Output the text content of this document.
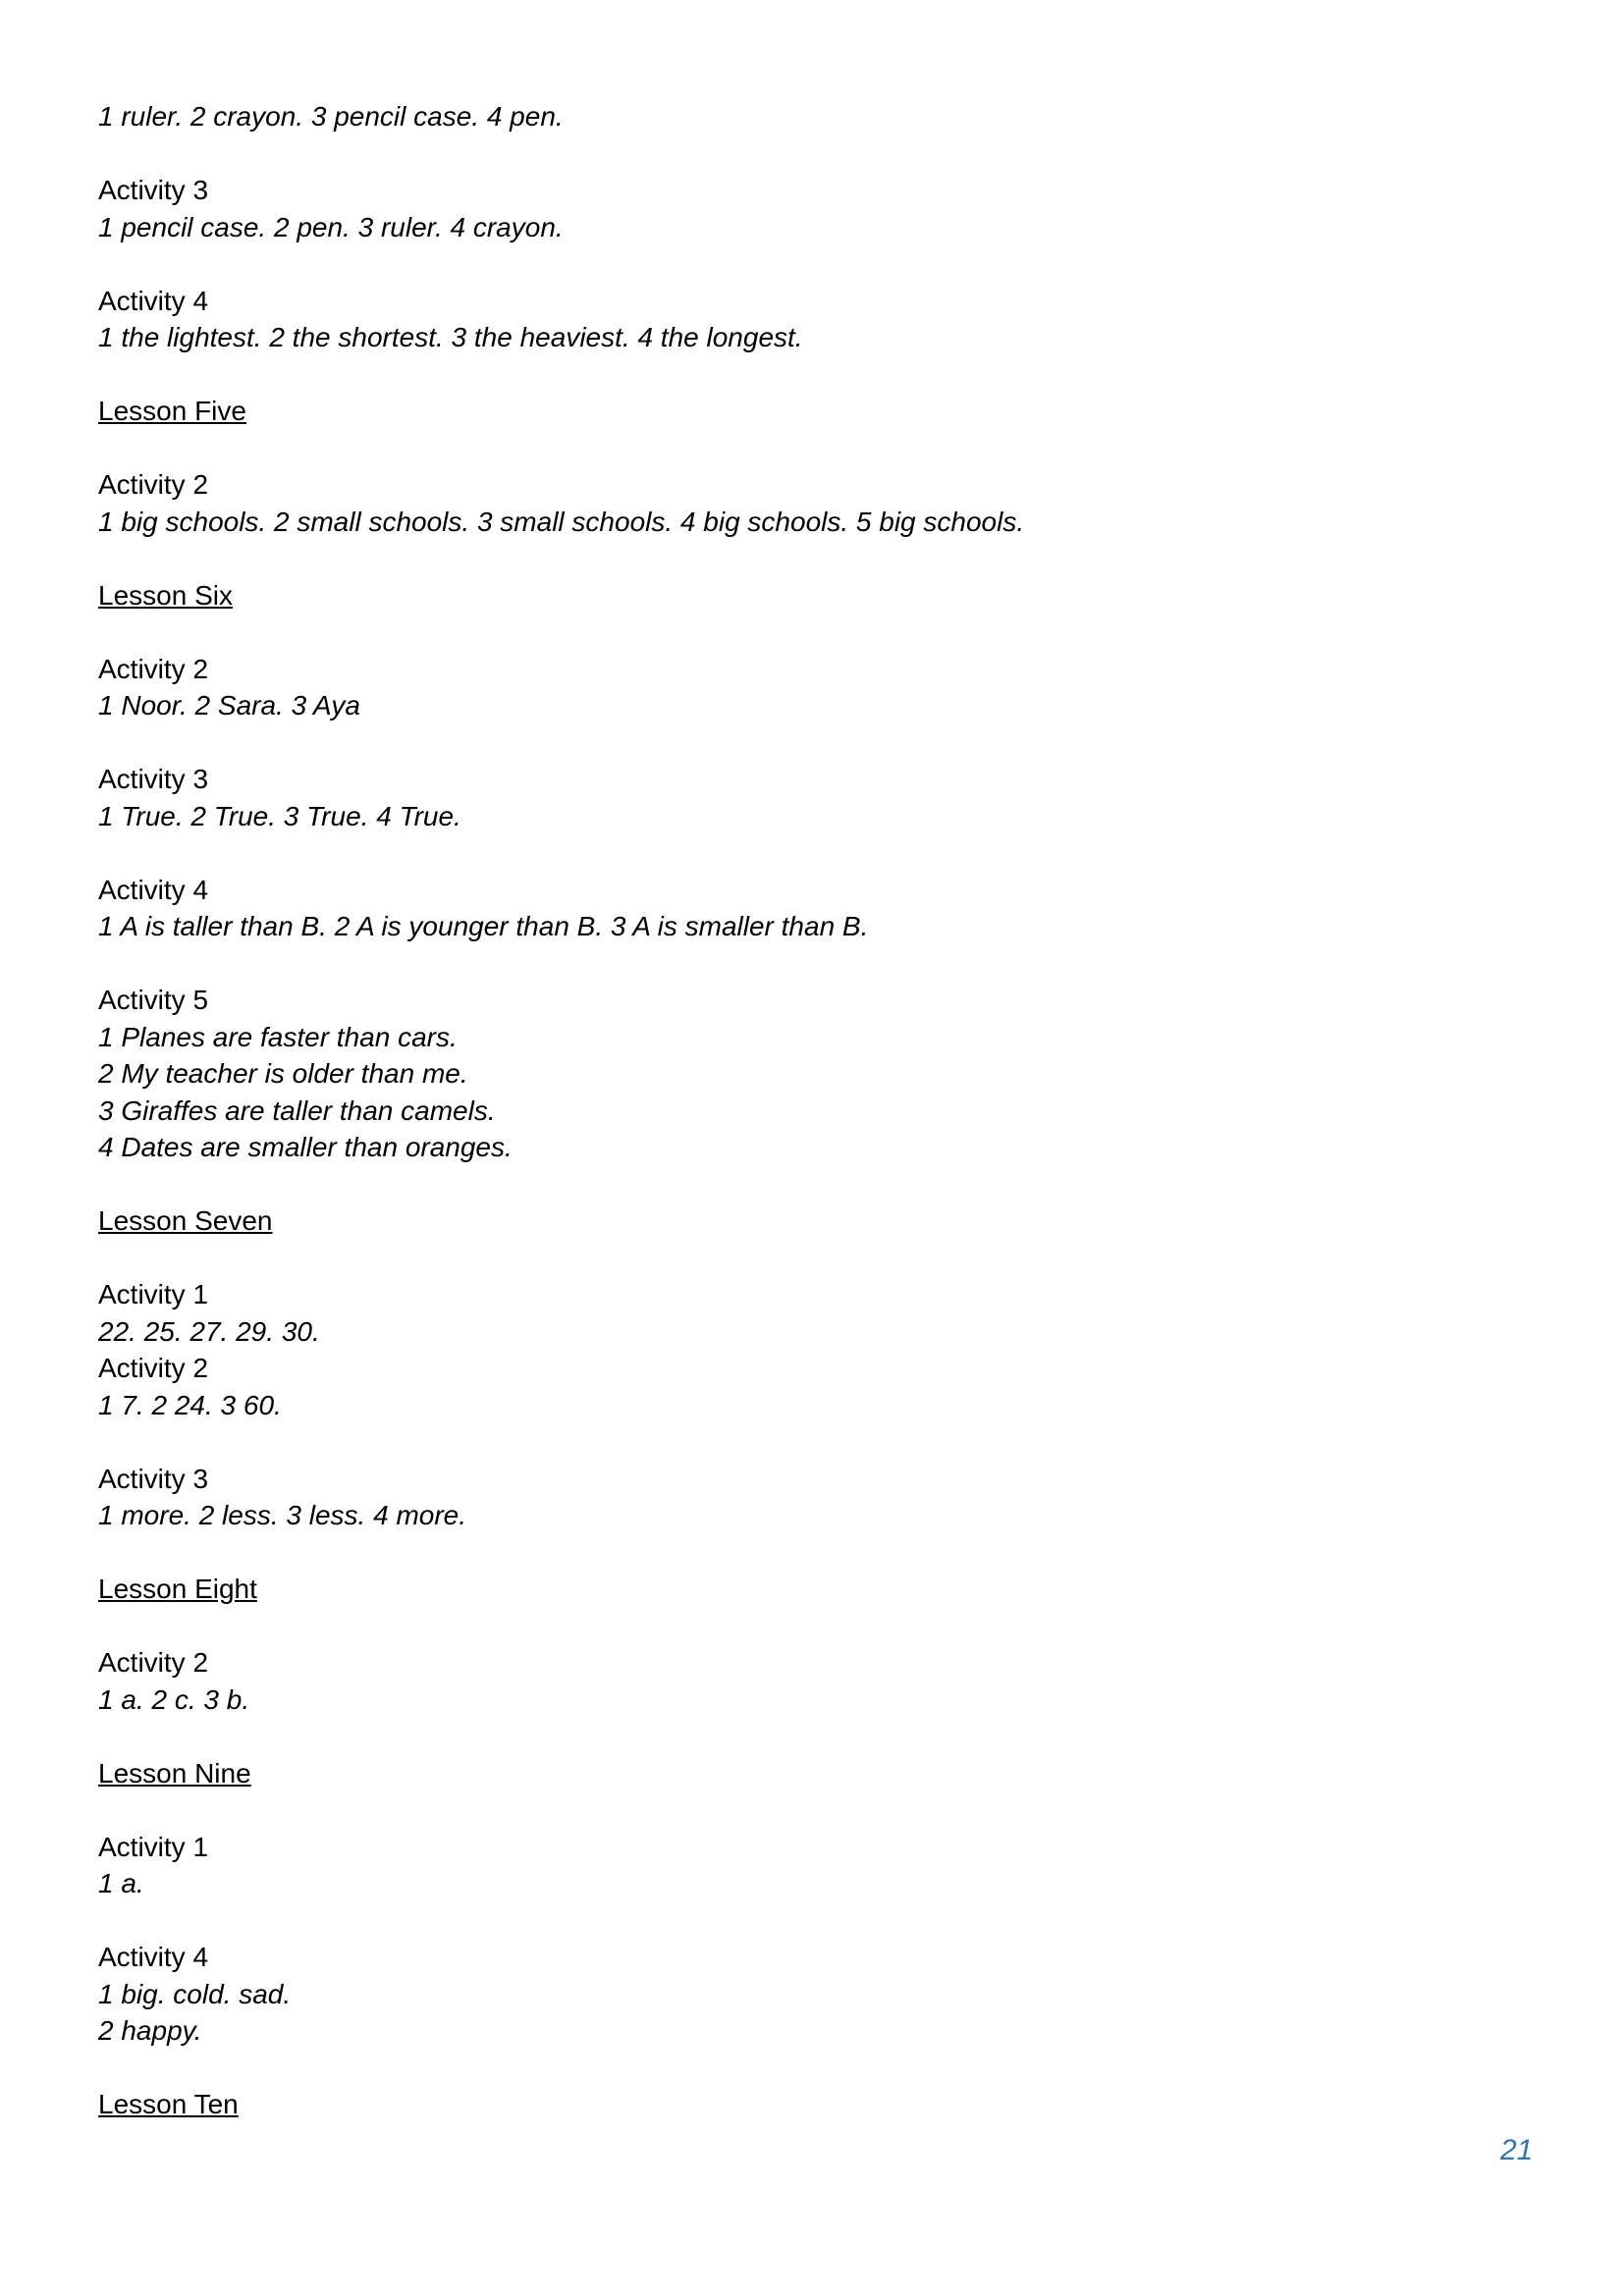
1 ruler. 2 crayon. 3 pencil case. 4 pen.
Activity 3
1 pencil case. 2 pen. 3 ruler. 4 crayon.
Activity 4
1 the lightest. 2 the shortest. 3 the heaviest. 4 the longest.
Lesson Five
Activity 2
1 big schools. 2 small schools. 3 small schools. 4 big schools. 5 big schools.
Lesson Six
Activity 2
1 Noor. 2 Sara. 3 Aya
Activity 3
1 True. 2 True. 3 True. 4 True.
Activity 4
1 A is taller than B. 2 A is younger than B. 3 A is smaller than B.
Activity 5
1 Planes are faster than cars.
2 My teacher is older than me.
3 Giraffes are taller than camels.
4 Dates are smaller than oranges.
Lesson Seven
Activity 1
22. 25. 27. 29. 30.
Activity 2
1 7. 2 24. 3 60.
Activity 3
1 more. 2 less. 3 less. 4 more.
Lesson Eight
Activity 2
1 a. 2 c. 3 b.
Lesson Nine
Activity 1
1 a.
Activity 4
1 big. cold. sad.
2 happy.
Lesson Ten
21
